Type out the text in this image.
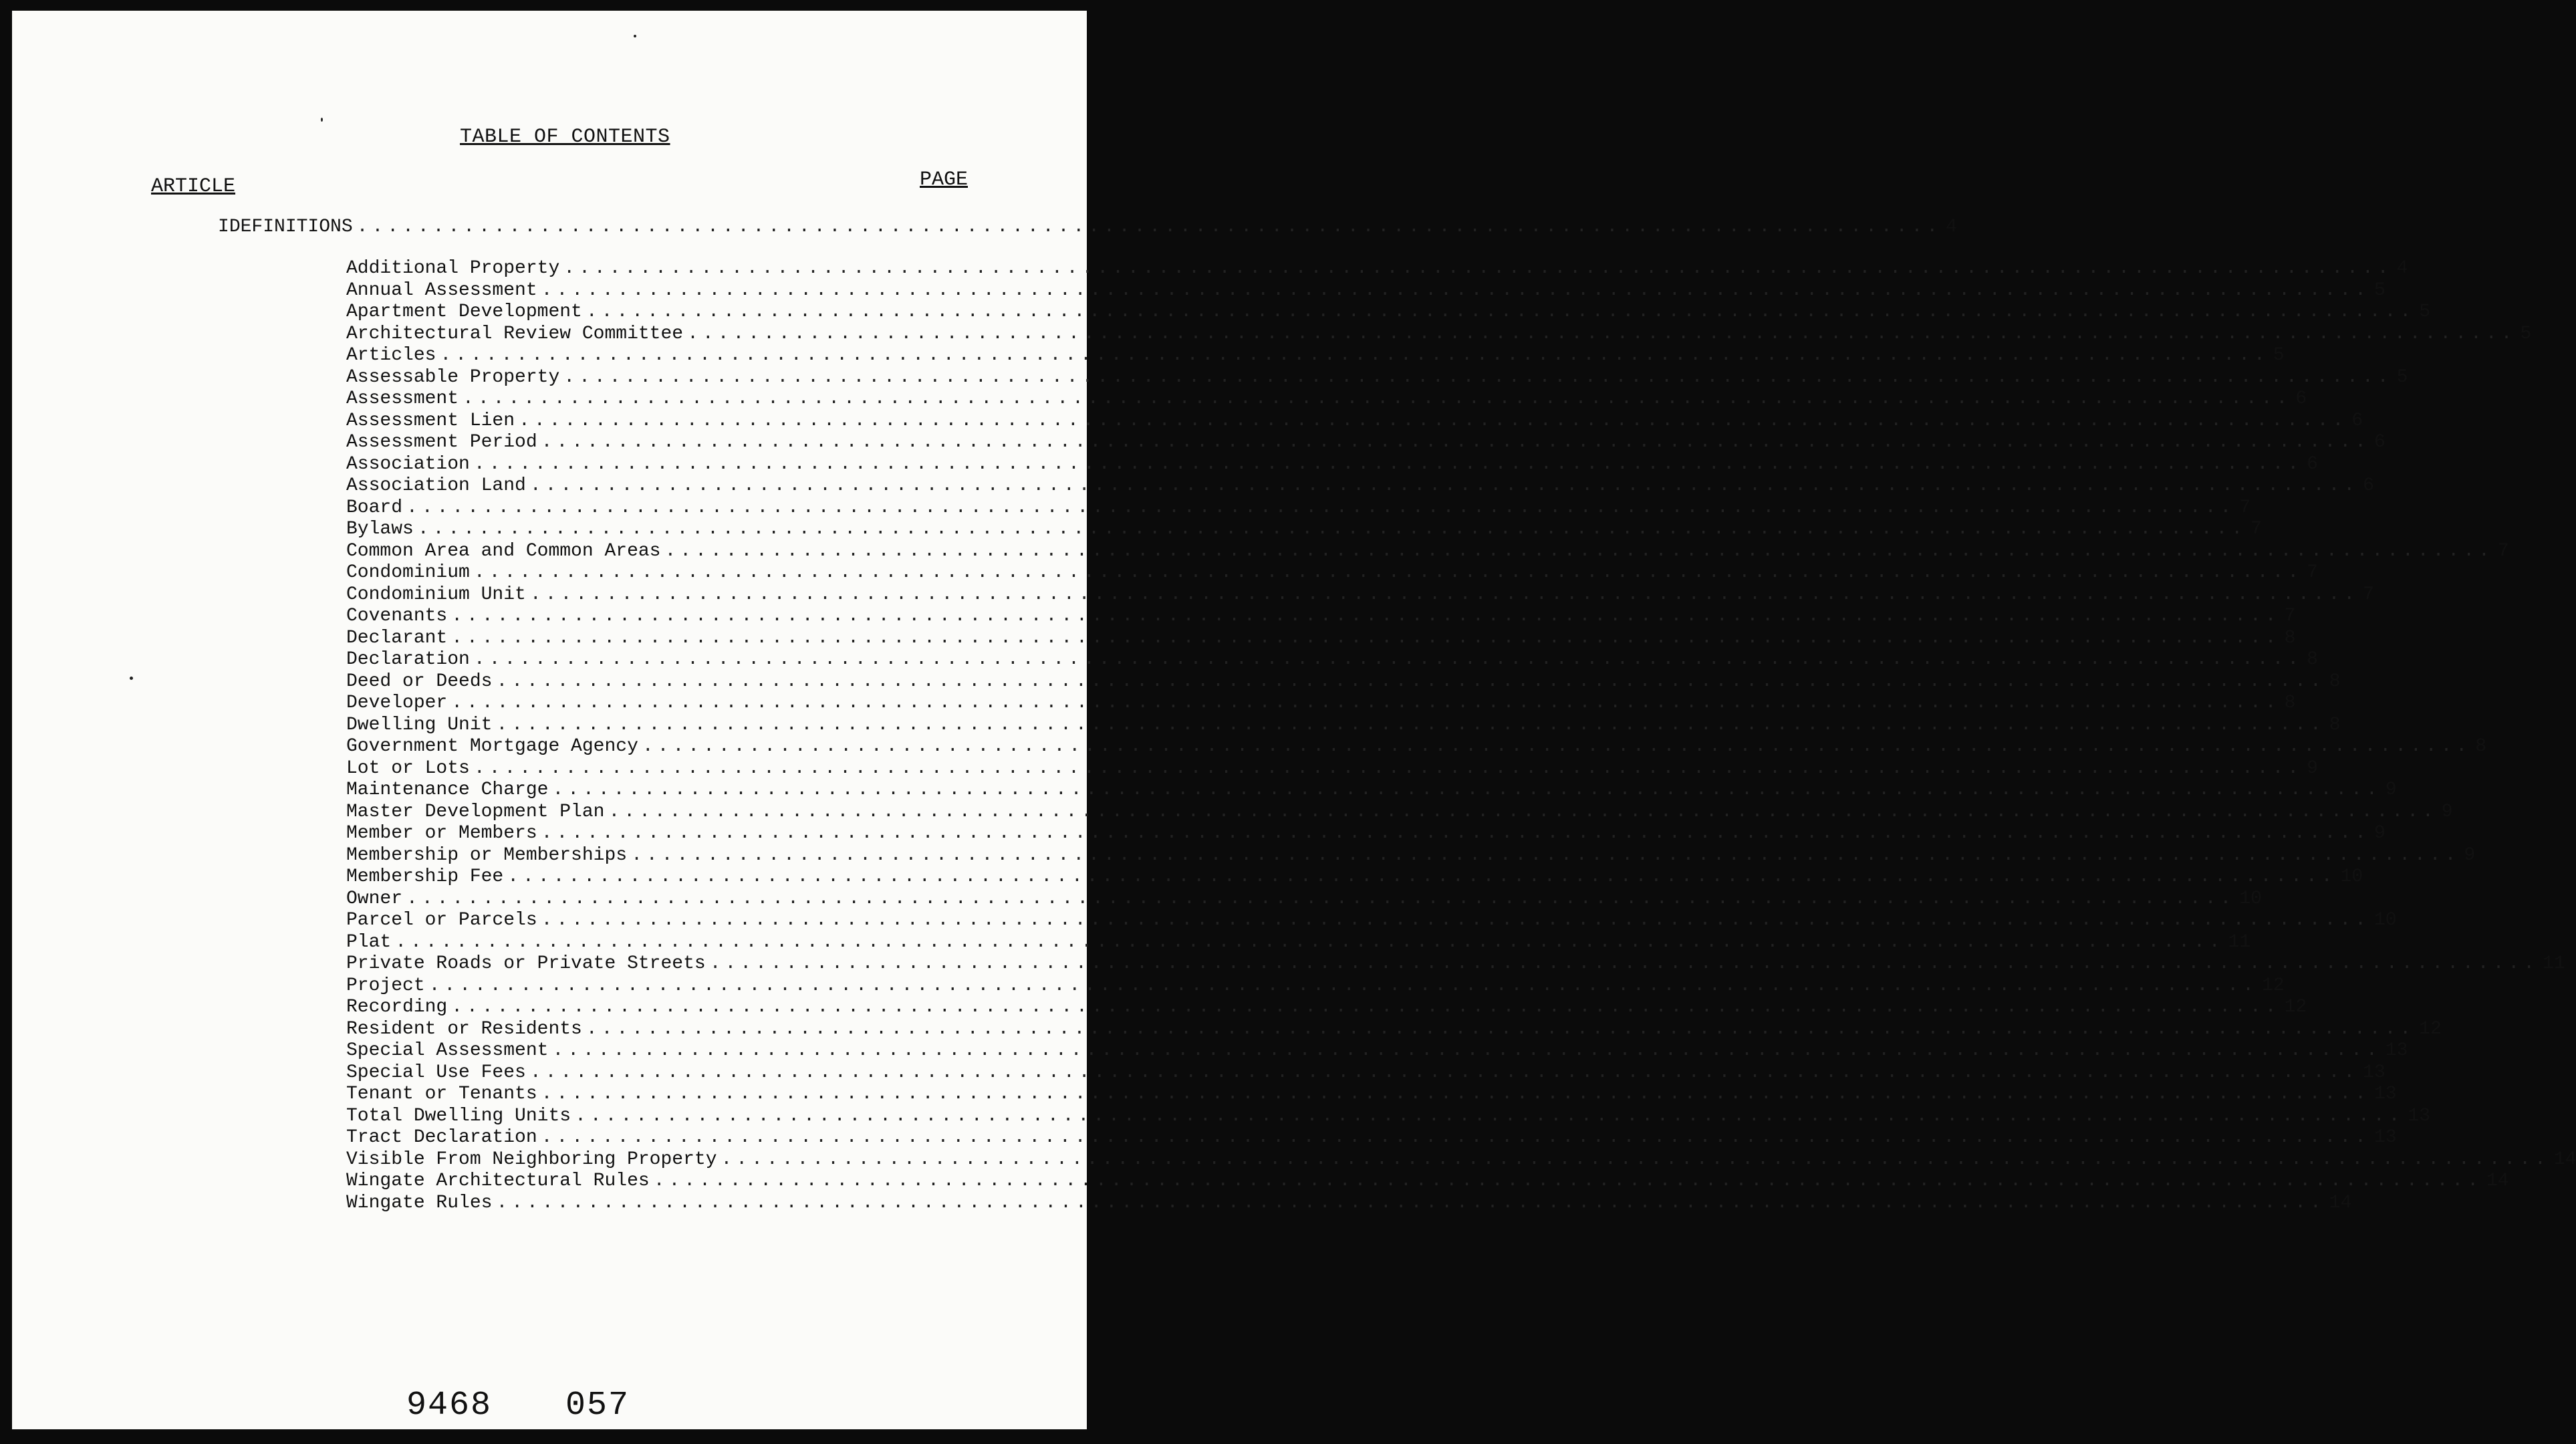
TABLE OF CONTENTS
ARTICLE	PAGE
I DEFINITIONS ........................................................................................................ 4
Additional Property ........................................................................................................................ 4
Annual Assessment ........................................................................................................................ 5
Apartment Development ........................................................................................................................ 5
Architectural Review Committee ........................................................................................................................ 5
Articles ........................................................................................................................ 5
Assessable Property ........................................................................................................................ 5
Assessment ........................................................................................................................ 6
Assessment Lien ........................................................................................................................ 6
Assessment Period ........................................................................................................................ 6
Association ........................................................................................................................ 6
Association Land ........................................................................................................................ 6
Board ........................................................................................................................ 7
Bylaws ........................................................................................................................ 7
Common Area and Common Areas ........................................................................................................................ 7
Condominium ........................................................................................................................ 7
Condominium Unit ........................................................................................................................ 7
Covenants ........................................................................................................................ 7
Declarant ........................................................................................................................ 8
Declaration ........................................................................................................................ 8
Deed or Deeds ........................................................................................................................ 8
Developer ........................................................................................................................ 8
Dwelling Unit ........................................................................................................................ 8
Government Mortgage Agency ........................................................................................................................ 8
Lot or Lots ........................................................................................................................ 9
Maintenance Charge ........................................................................................................................ 9
Master Development Plan ........................................................................................................................ 9
Member or Members ........................................................................................................................ 9
Membership or Memberships ........................................................................................................................ 9
Membership Fee ........................................................................................................................ 10
Owner ........................................................................................................................ 10
Parcel or Parcels ........................................................................................................................ 10
Plat ........................................................................................................................ 11
Private Roads or Private Streets ........................................................................................................................ 11
Project ........................................................................................................................ 12
Recording ........................................................................................................................ 12
Resident or Residents ........................................................................................................................ 12
Special Assessment ........................................................................................................................ 13
Special Use Fees ........................................................................................................................ 13
Tenant or Tenants ........................................................................................................................ 13
Total Dwelling Units ........................................................................................................................ 13
Tract Declaration ........................................................................................................................ 13
Visible From Neighboring Property ........................................................................................................................ 14
Wingate Architectural Rules ........................................................................................................................ 14
Wingate Rules ........................................................................................................................ 14
9468 057
